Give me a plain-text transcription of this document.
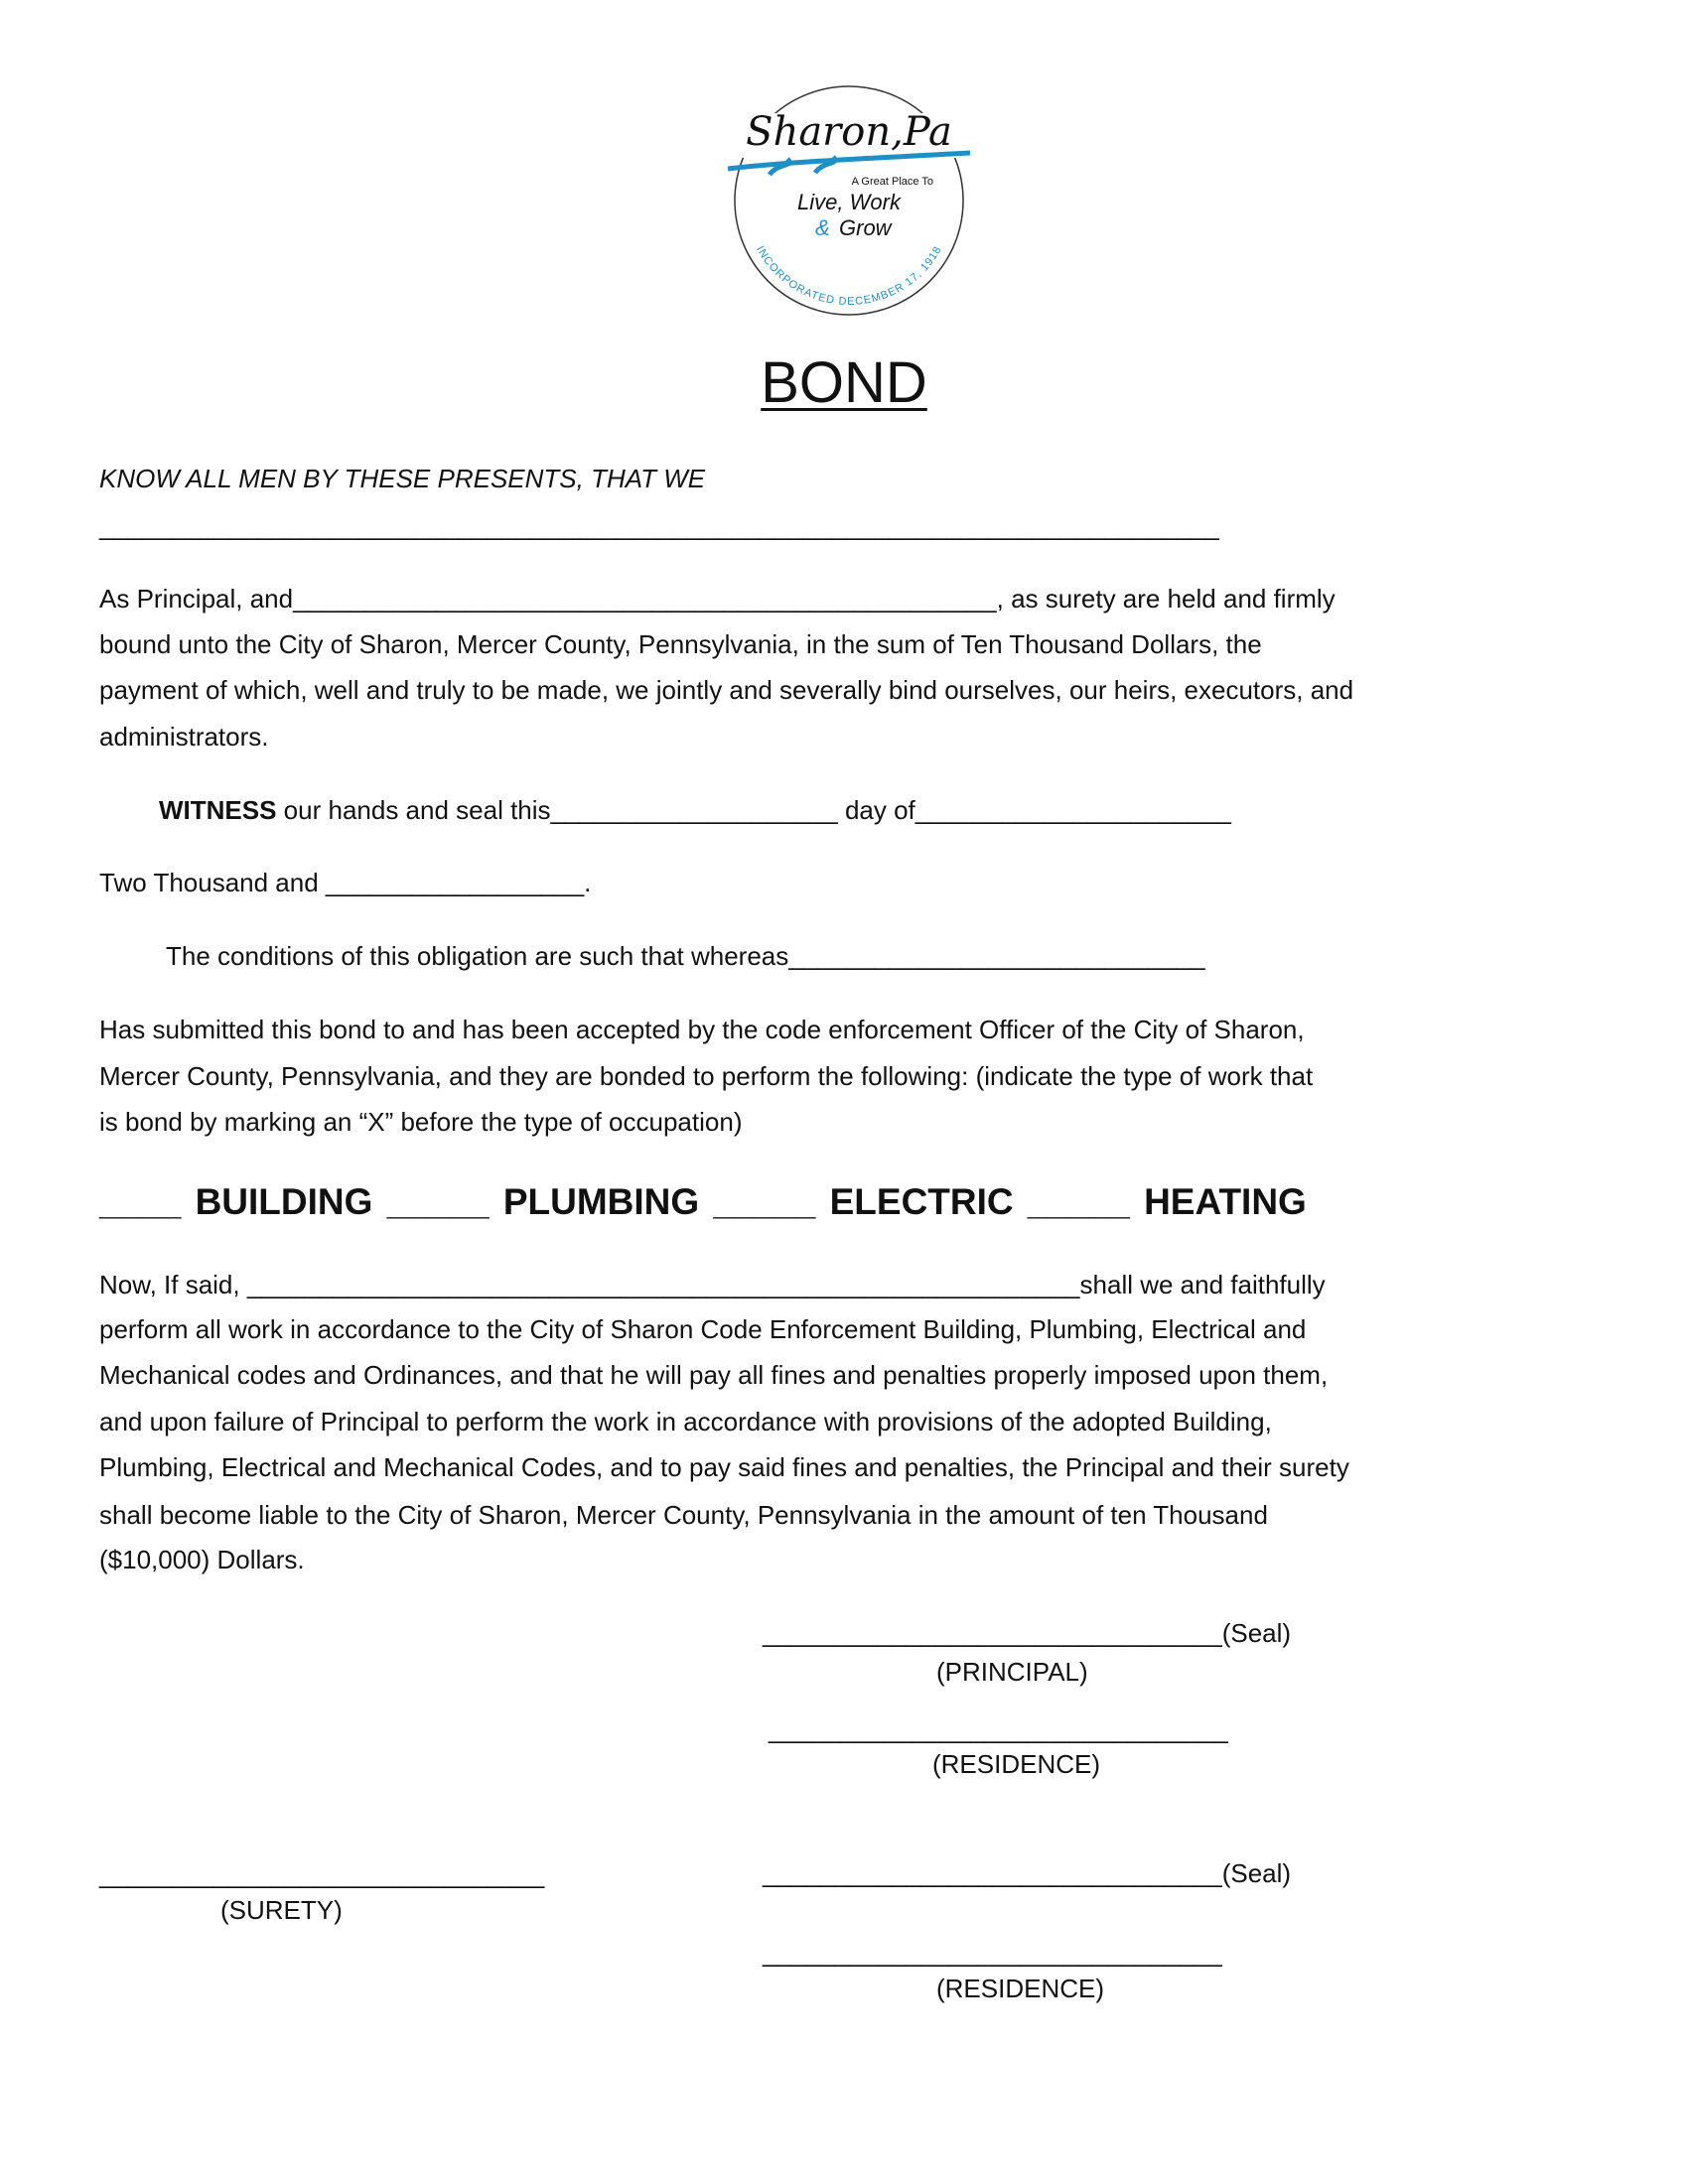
Sharon,Pa
A Great Place To
Live, Work
& Grow
INCORPORATED DECEMBER 17, 1918
BOND
KNOW ALL MEN BY THESE PRESENTS, THAT WE
______________________________________________________________________________
As Principal, and_________________________________________________, as surety are held and firmly
bound unto the City of Sharon, Mercer County, Pennsylvania, in the sum of Ten Thousand Dollars, the
payment of which, well and truly to be made, we jointly and severally bind ourselves, our heirs, executors, and
administrators.
WITNESS our hands and seal this____________________ day of______________________
Two Thousand and __________________.
The conditions of this obligation are such that whereas_____________________________
Has submitted this bond to and has been accepted by the code enforcement Officer of the City of Sharon,
Mercer County, Pennsylvania, and they are bonded to perform the following: (indicate the type of work that
is bond by marking an “X” before the type of occupation)
____ BUILDING _____ PLUMBING _____ ELECTRIC _____ HEATING
Now, If said, __________________________________________________________shall we and faithfully
perform all work in accordance to the City of Sharon Code Enforcement Building, Plumbing, Electrical and
Mechanical codes and Ordinances, and that he will pay all fines and penalties properly imposed upon them,
and upon failure of Principal to perform the work in accordance with provisions of the adopted Building,
Plumbing, Electrical and Mechanical Codes, and to pay said fines and penalties, the Principal and their surety
shall become liable to the City of Sharon, Mercer County, Pennsylvania in the amount of ten Thousand
($10,000) Dollars.
________________________________(Seal)
(PRINCIPAL)
________________________________
(RESIDENCE)
_______________________________
(SURETY)
________________________________(Seal)
________________________________
(RESIDENCE)
